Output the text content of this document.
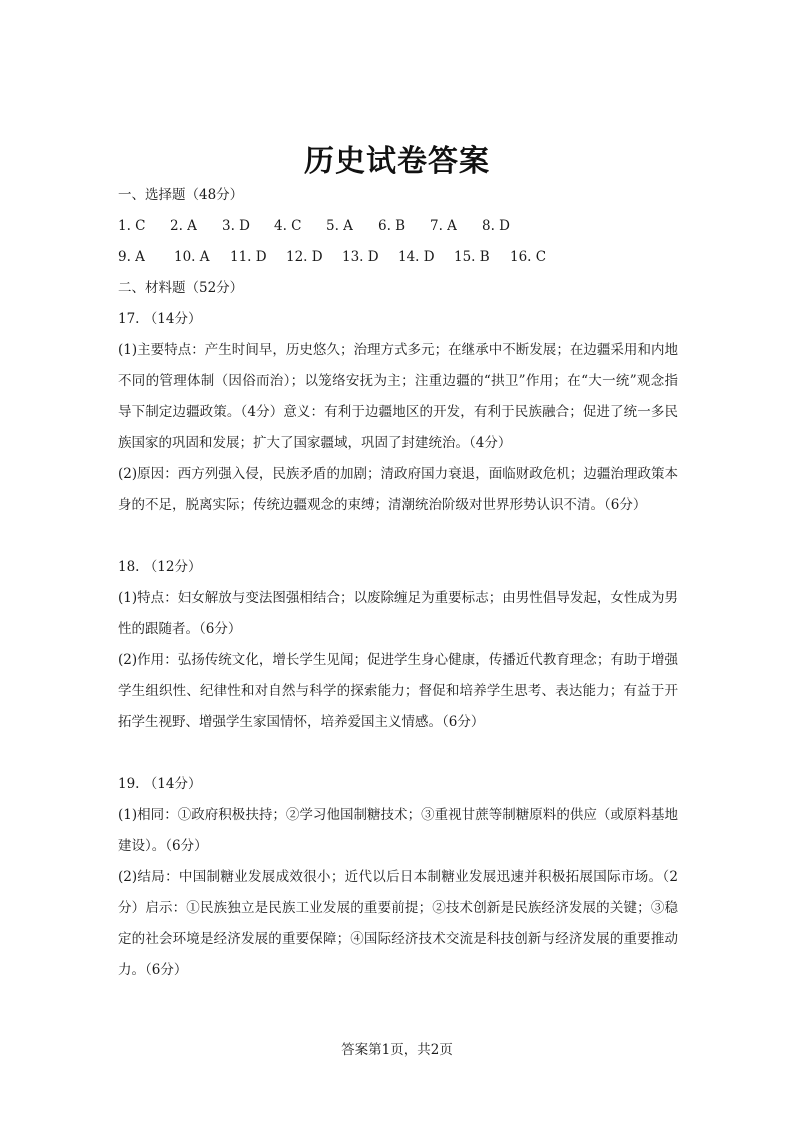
历史试卷答案
一、选择题（48分）
1. C 2. A 3. D 4. C 5. A 6. B 7. A 8. D
9. A 10. A 11. D 12. D 13. D 14. D 15. B 16. C
二、材料题（52分）
17. （14分）
(1)主要特点：产生时间早，历史悠久；治理方式多元；在继承中不断发展；在边疆采用和内地不同的管理体制（因俗而治）；以笼络安抚为主；注重边疆的“拱卫”作用；在“大一统”观念指导下制定边疆政策。（4分）意义：有利于边疆地区的开发，有利于民族融合；促进了统一多民族国家的巩固和发展；扩大了国家疆域，巩固了封建统治。（4分）
(2)原因：西方列强入侵，民族矛盾的加剧；清政府国力衰退，面临财政危机；边疆治理政策本身的不足，脱离实际；传统边疆观念的束缚；清潮统治阶级对世界形势认识不清。（6分）
18. （12分）
(1)特点：妇女解放与变法图强相结合；以废除缠足为重要标志；由男性倡导发起，女性成为男性的跟随者。（6分）
(2)作用：弘扬传统文化，增长学生见闻；促进学生身心健康，传播近代教育理念；有助于增强学生组织性、纪律性和对自然与科学的探索能力；督促和培养学生思考、表达能力；有益于开拓学生视野、增强学生家国情怀，培养爱国主义情感。（6分）
19. （14分）
(1)相同：①政府积极扶持；②学习他国制糖技术；③重视甘蔗等制糖原料的供应（或原料基地建设）。（6分）
(2)结局：中国制糖业发展成效很小；近代以后日本制糖业发展迅速并积极拓展国际市场。（2分）启示：①民族独立是民族工业发展的重要前提；②技术创新是民族经济发展的关键；③稳定的社会环境是经济发展的重要保障；④国际经济技术交流是科技创新与经济发展的重要推动力。（6分）
答案第1页，共2页
